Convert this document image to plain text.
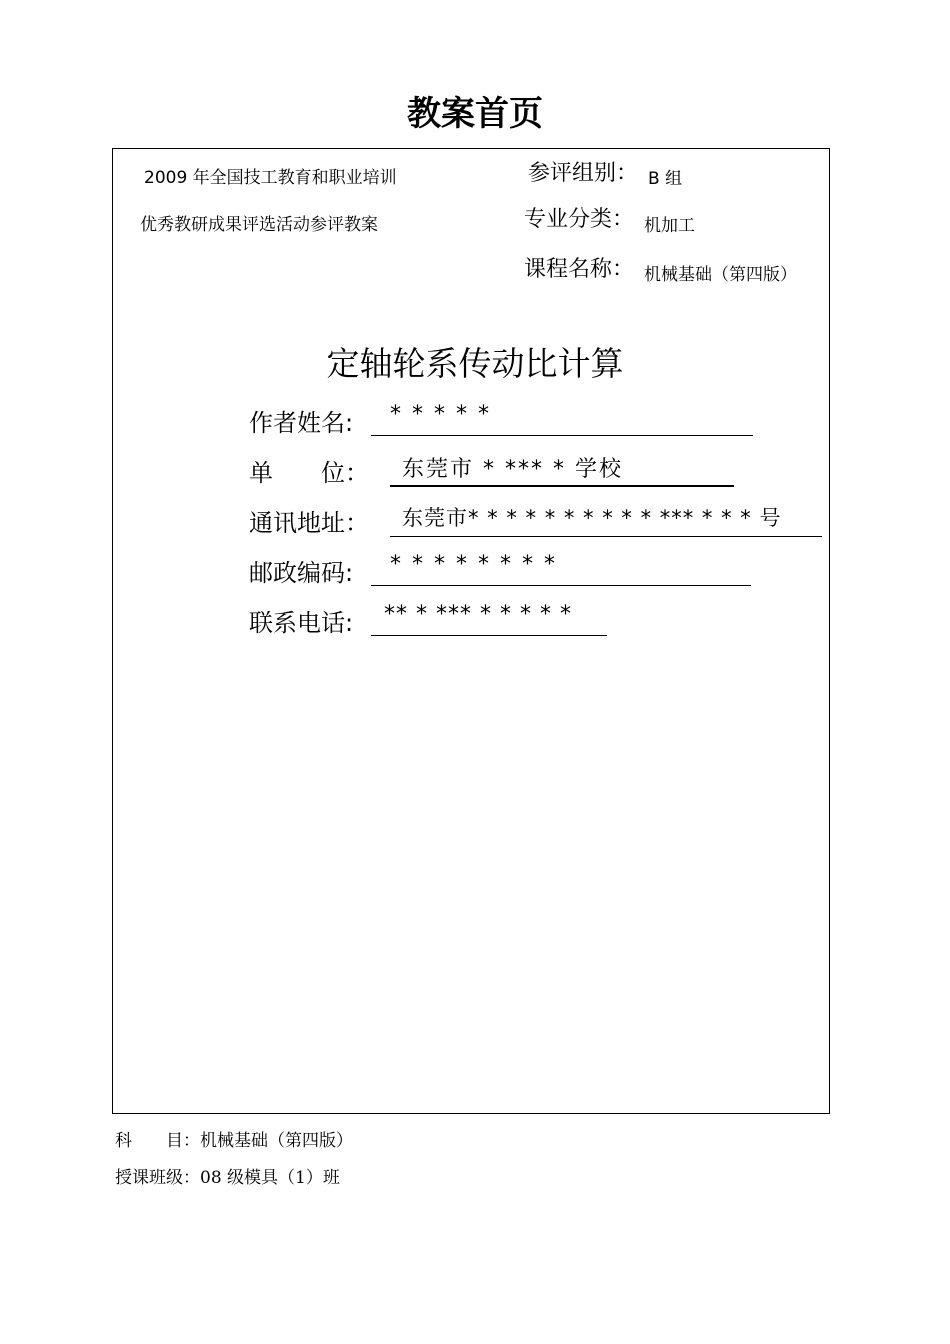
教案首页
2009 年全国技工教育和职业培训
优秀教研成果评选活动参评教案
参评组别： B 组
专业分类： 机加工
课程名称： 机械基础（第四版）
定轴轮系传动比计算
作者姓名: * * * * *
单　　位： 东莞市 * *** * 学校
通讯地址： 东莞市* * * * * * * * * * *** * * * 号
邮政编码: * * * * * * * *
联系电话: ** * *** * * * * *
科　　目：机械基础（第四版）
授课班级：08 级模具（1）班
